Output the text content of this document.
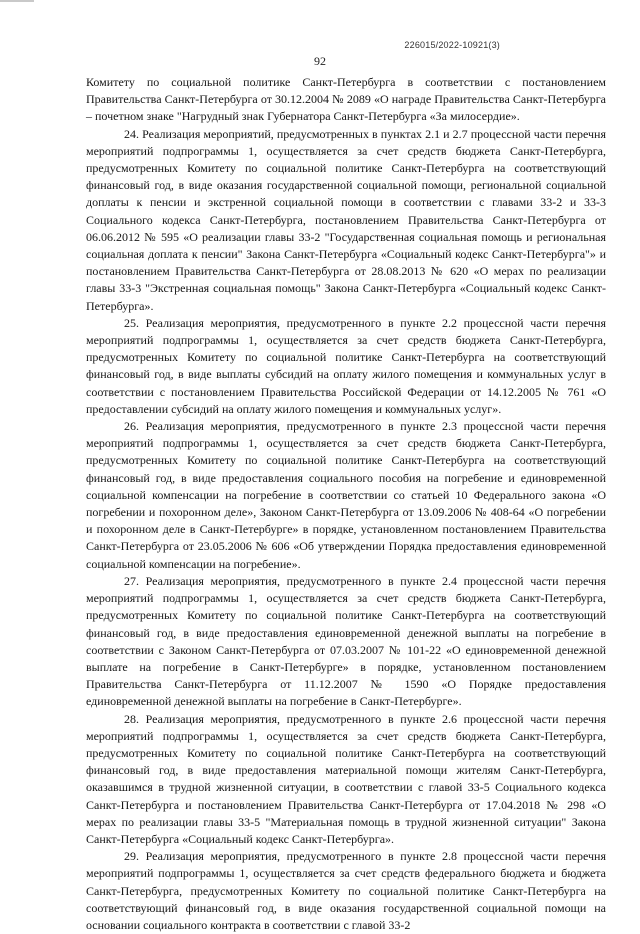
226015/2022-10921(3)
92

Комитету по социальной политике Санкт-Петербурга в соответствии с постановлением Правительства Санкт-Петербурга от 30.12.2004 № 2089 «О награде Правительства Санкт-Петербурга – почетном знаке "Нагрудный знак Губернатора Санкт-Петербурга «За милосердие».

24. Реализация мероприятий, предусмотренных в пунктах 2.1 и 2.7 процессной части перечня мероприятий подпрограммы 1, осуществляется за счет средств бюджета Санкт-Петербурга, предусмотренных Комитету по социальной политике Санкт-Петербурга на соответствующий финансовый год, в виде оказания государственной социальной помощи, региональной социальной доплаты к пенсии и экстренной социальной помощи в соответствии с главами 33-2 и 33-3 Социального кодекса Санкт-Петербурга, постановлением Правительства Санкт-Петербурга от 06.06.2012 № 595 «О реализации главы 33-2 "Государственная социальная помощь и региональная социальная доплата к пенсии" Закона Санкт-Петербурга «Социальный кодекс Санкт-Петербурга"» и постановлением Правительства Санкт-Петербурга от 28.08.2013 № 620 «О мерах по реализации главы 33-3 "Экстренная социальная помощь" Закона Санкт-Петербурга «Социальный кодекс Санкт-Петербурга».

25. Реализация мероприятия, предусмотренного в пункте 2.2 процессной части перечня мероприятий подпрограммы 1, осуществляется за счет средств бюджета Санкт-Петербурга, предусмотренных Комитету по социальной политике Санкт-Петербурга на соответствующий финансовый год, в виде выплаты субсидий на оплату жилого помещения и коммунальных услуг в соответствии с постановлением Правительства Российской Федерации от 14.12.2005 № 761 «О предоставлении субсидий на оплату жилого помещения и коммунальных услуг».

26. Реализация мероприятия, предусмотренного в пункте 2.3 процессной части перечня мероприятий подпрограммы 1, осуществляется за счет средств бюджета Санкт-Петербурга, предусмотренных Комитету по социальной политике Санкт-Петербурга на соответствующий финансовый год, в виде предоставления социального пособия на погребение и единовременной социальной компенсации на погребение в соответствии со статьей 10 Федерального закона «О погребении и похоронном деле», Законом Санкт-Петербурга от 13.09.2006 № 408-64 «О погребении и похоронном деле в Санкт-Петербурге» в порядке, установленном постановлением Правительства Санкт-Петербурга от 23.05.2006 № 606 «Об утверждении Порядка предоставления единовременной социальной компенсации на погребение».

27. Реализация мероприятия, предусмотренного в пункте 2.4 процессной части перечня мероприятий подпрограммы 1, осуществляется за счет средств бюджета Санкт-Петербурга, предусмотренных Комитету по социальной политике Санкт-Петербурга на соответствующий финансовый год, в виде предоставления единовременной денежной выплаты на погребение в соответствии с Законом Санкт-Петербурга от 07.03.2007 № 101-22 «О единовременной денежной выплате на погребение в Санкт-Петербурге» в порядке, установленном постановлением Правительства Санкт-Петербурга от 11.12.2007 № 1590 «О Порядке предоставления единовременной денежной выплаты на погребение в Санкт-Петербурге».

28. Реализация мероприятия, предусмотренного в пункте 2.6 процессной части перечня мероприятий подпрограммы 1, осуществляется за счет средств бюджета Санкт-Петербурга, предусмотренных Комитету по социальной политике Санкт-Петербурга на соответствующий финансовый год, в виде предоставления материальной помощи жителям Санкт-Петербурга, оказавшимся в трудной жизненной ситуации, в соответствии с главой 33-5 Социального кодекса Санкт-Петербурга и постановлением Правительства Санкт-Петербурга от 17.04.2018 № 298 «О мерах по реализации главы 33-5 "Материальная помощь в трудной жизненной ситуации" Закона Санкт-Петербурга «Социальный кодекс Санкт-Петербурга».

29. Реализация мероприятия, предусмотренного в пункте 2.8 процессной части перечня мероприятий подпрограммы 1, осуществляется за счет средств федерального бюджета и бюджета Санкт-Петербурга, предусмотренных Комитету по социальной политике Санкт-Петербурга на соответствующий финансовый год, в виде оказания государственной социальной помощи на основании социального контракта в соответствии с главой 33-2
